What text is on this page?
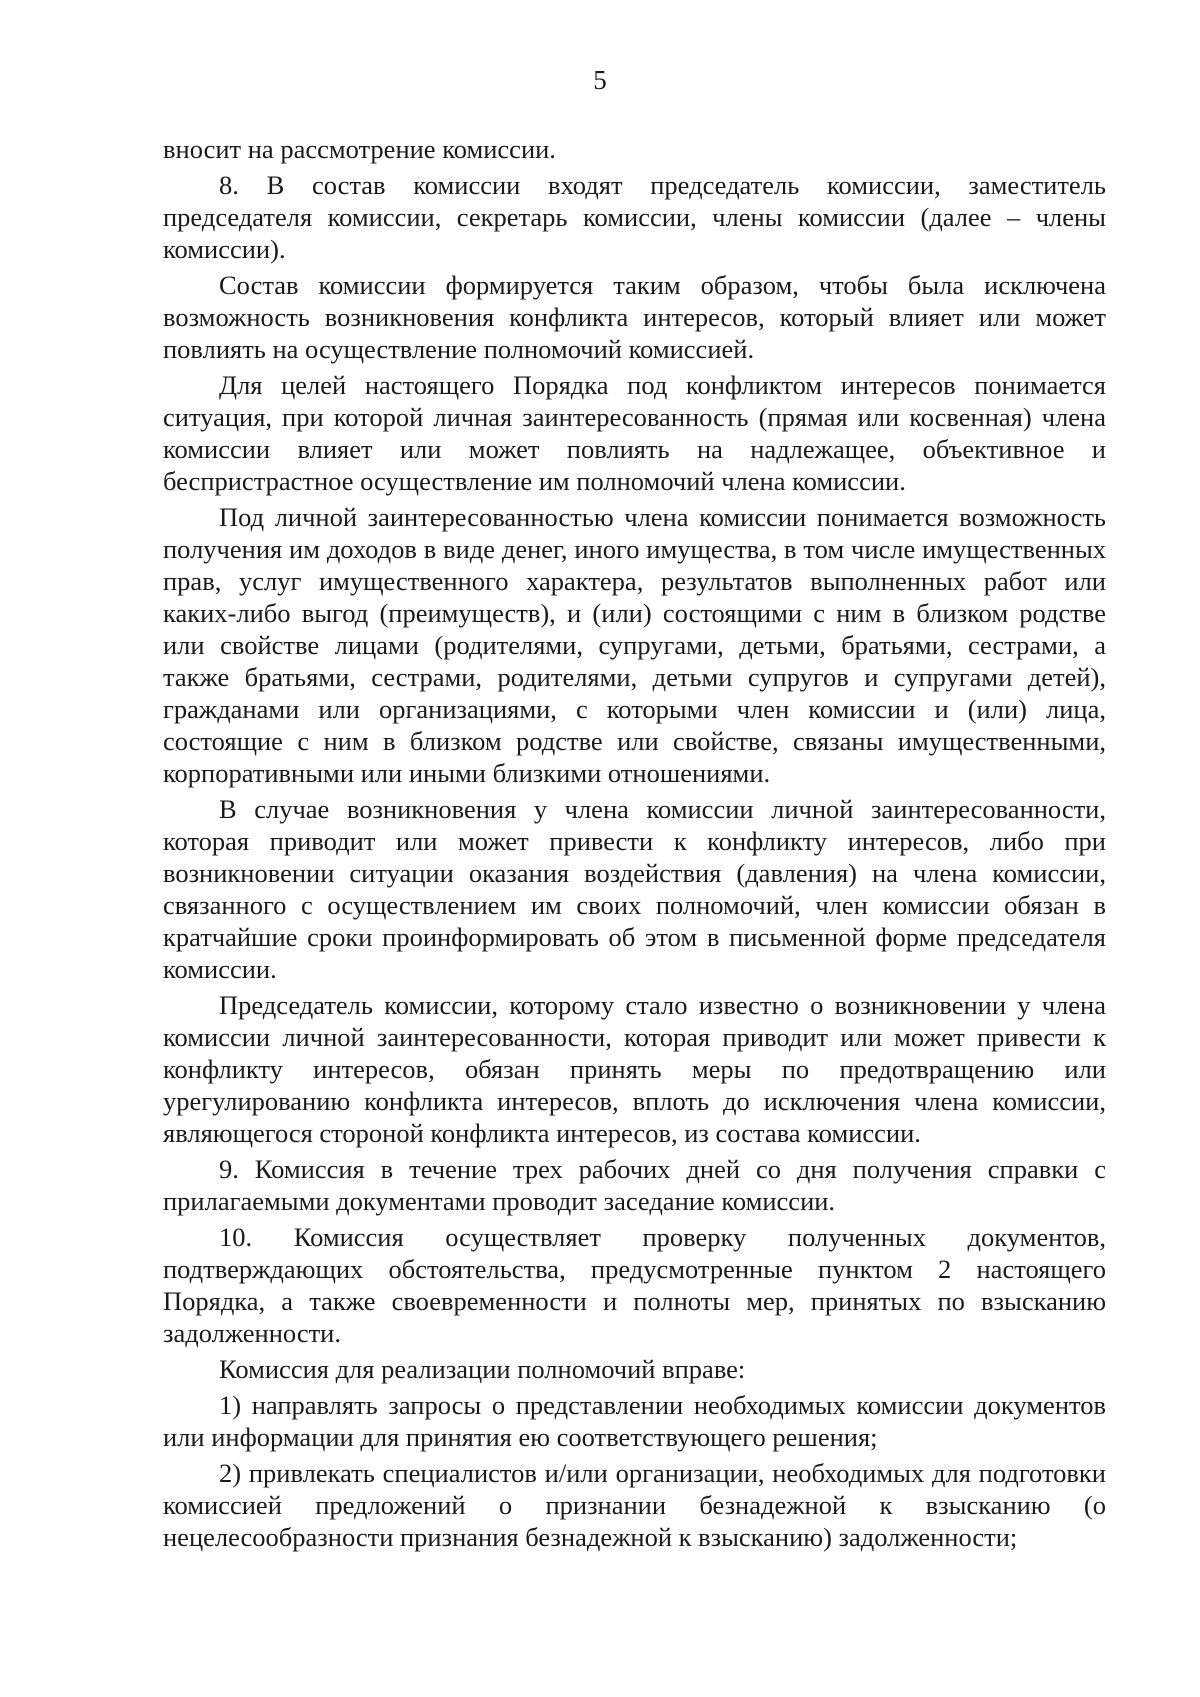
5

вносит на рассмотрение комиссии.

8. В состав комиссии входят председатель комиссии, заместитель председателя комиссии, секретарь комиссии, члены комиссии (далее – члены комиссии).

Состав комиссии формируется таким образом, чтобы была исключена возможность возникновения конфликта интересов, который влияет или может повлиять на осуществление полномочий комиссией.

Для целей настоящего Порядка под конфликтом интересов понимается ситуация, при которой личная заинтересованность (прямая или косвенная) члена комиссии влияет или может повлиять на надлежащее, объективное и беспристрастное осуществление им полномочий члена комиссии.

Под личной заинтересованностью члена комиссии понимается возможность получения им доходов в виде денег, иного имущества, в том числе имущественных прав, услуг имущественного характера, результатов выполненных работ или каких-либо выгод (преимуществ), и (или) состоящими с ним в близком родстве или свойстве лицами (родителями, супругами, детьми, братьями, сестрами, а также братьями, сестрами, родителями, детьми супругов и супругами детей), гражданами или организациями, с которыми член комиссии и (или) лица, состоящие с ним в близком родстве или свойстве, связаны имущественными, корпоративными или иными близкими отношениями.

В случае возникновения у члена комиссии личной заинтересованности, которая приводит или может привести к конфликту интересов, либо при возникновении ситуации оказания воздействия (давления) на члена комиссии, связанного с осуществлением им своих полномочий, член комиссии обязан в кратчайшие сроки проинформировать об этом в письменной форме председателя комиссии.

Председатель комиссии, которому стало известно о возникновении у члена комиссии личной заинтересованности, которая приводит или может привести к конфликту интересов, обязан принять меры по предотвращению или урегулированию конфликта интересов, вплоть до исключения члена комиссии, являющегося стороной конфликта интересов, из состава комиссии.

9. Комиссия в течение трех рабочих дней со дня получения справки с прилагаемыми документами проводит заседание комиссии.

10. Комиссия осуществляет проверку полученных документов, подтверждающих обстоятельства, предусмотренные пунктом 2 настоящего Порядка, а также своевременности и полноты мер, принятых по взысканию задолженности.

Комиссия для реализации полномочий вправе:

1) направлять запросы о представлении необходимых комиссии документов или информации для принятия ею соответствующего решения;

2) привлекать специалистов и/или организации, необходимых для подготовки комиссией предложений о признании безнадежной к взысканию (о нецелесообразности признания безнадежной к взысканию) задолженности;
